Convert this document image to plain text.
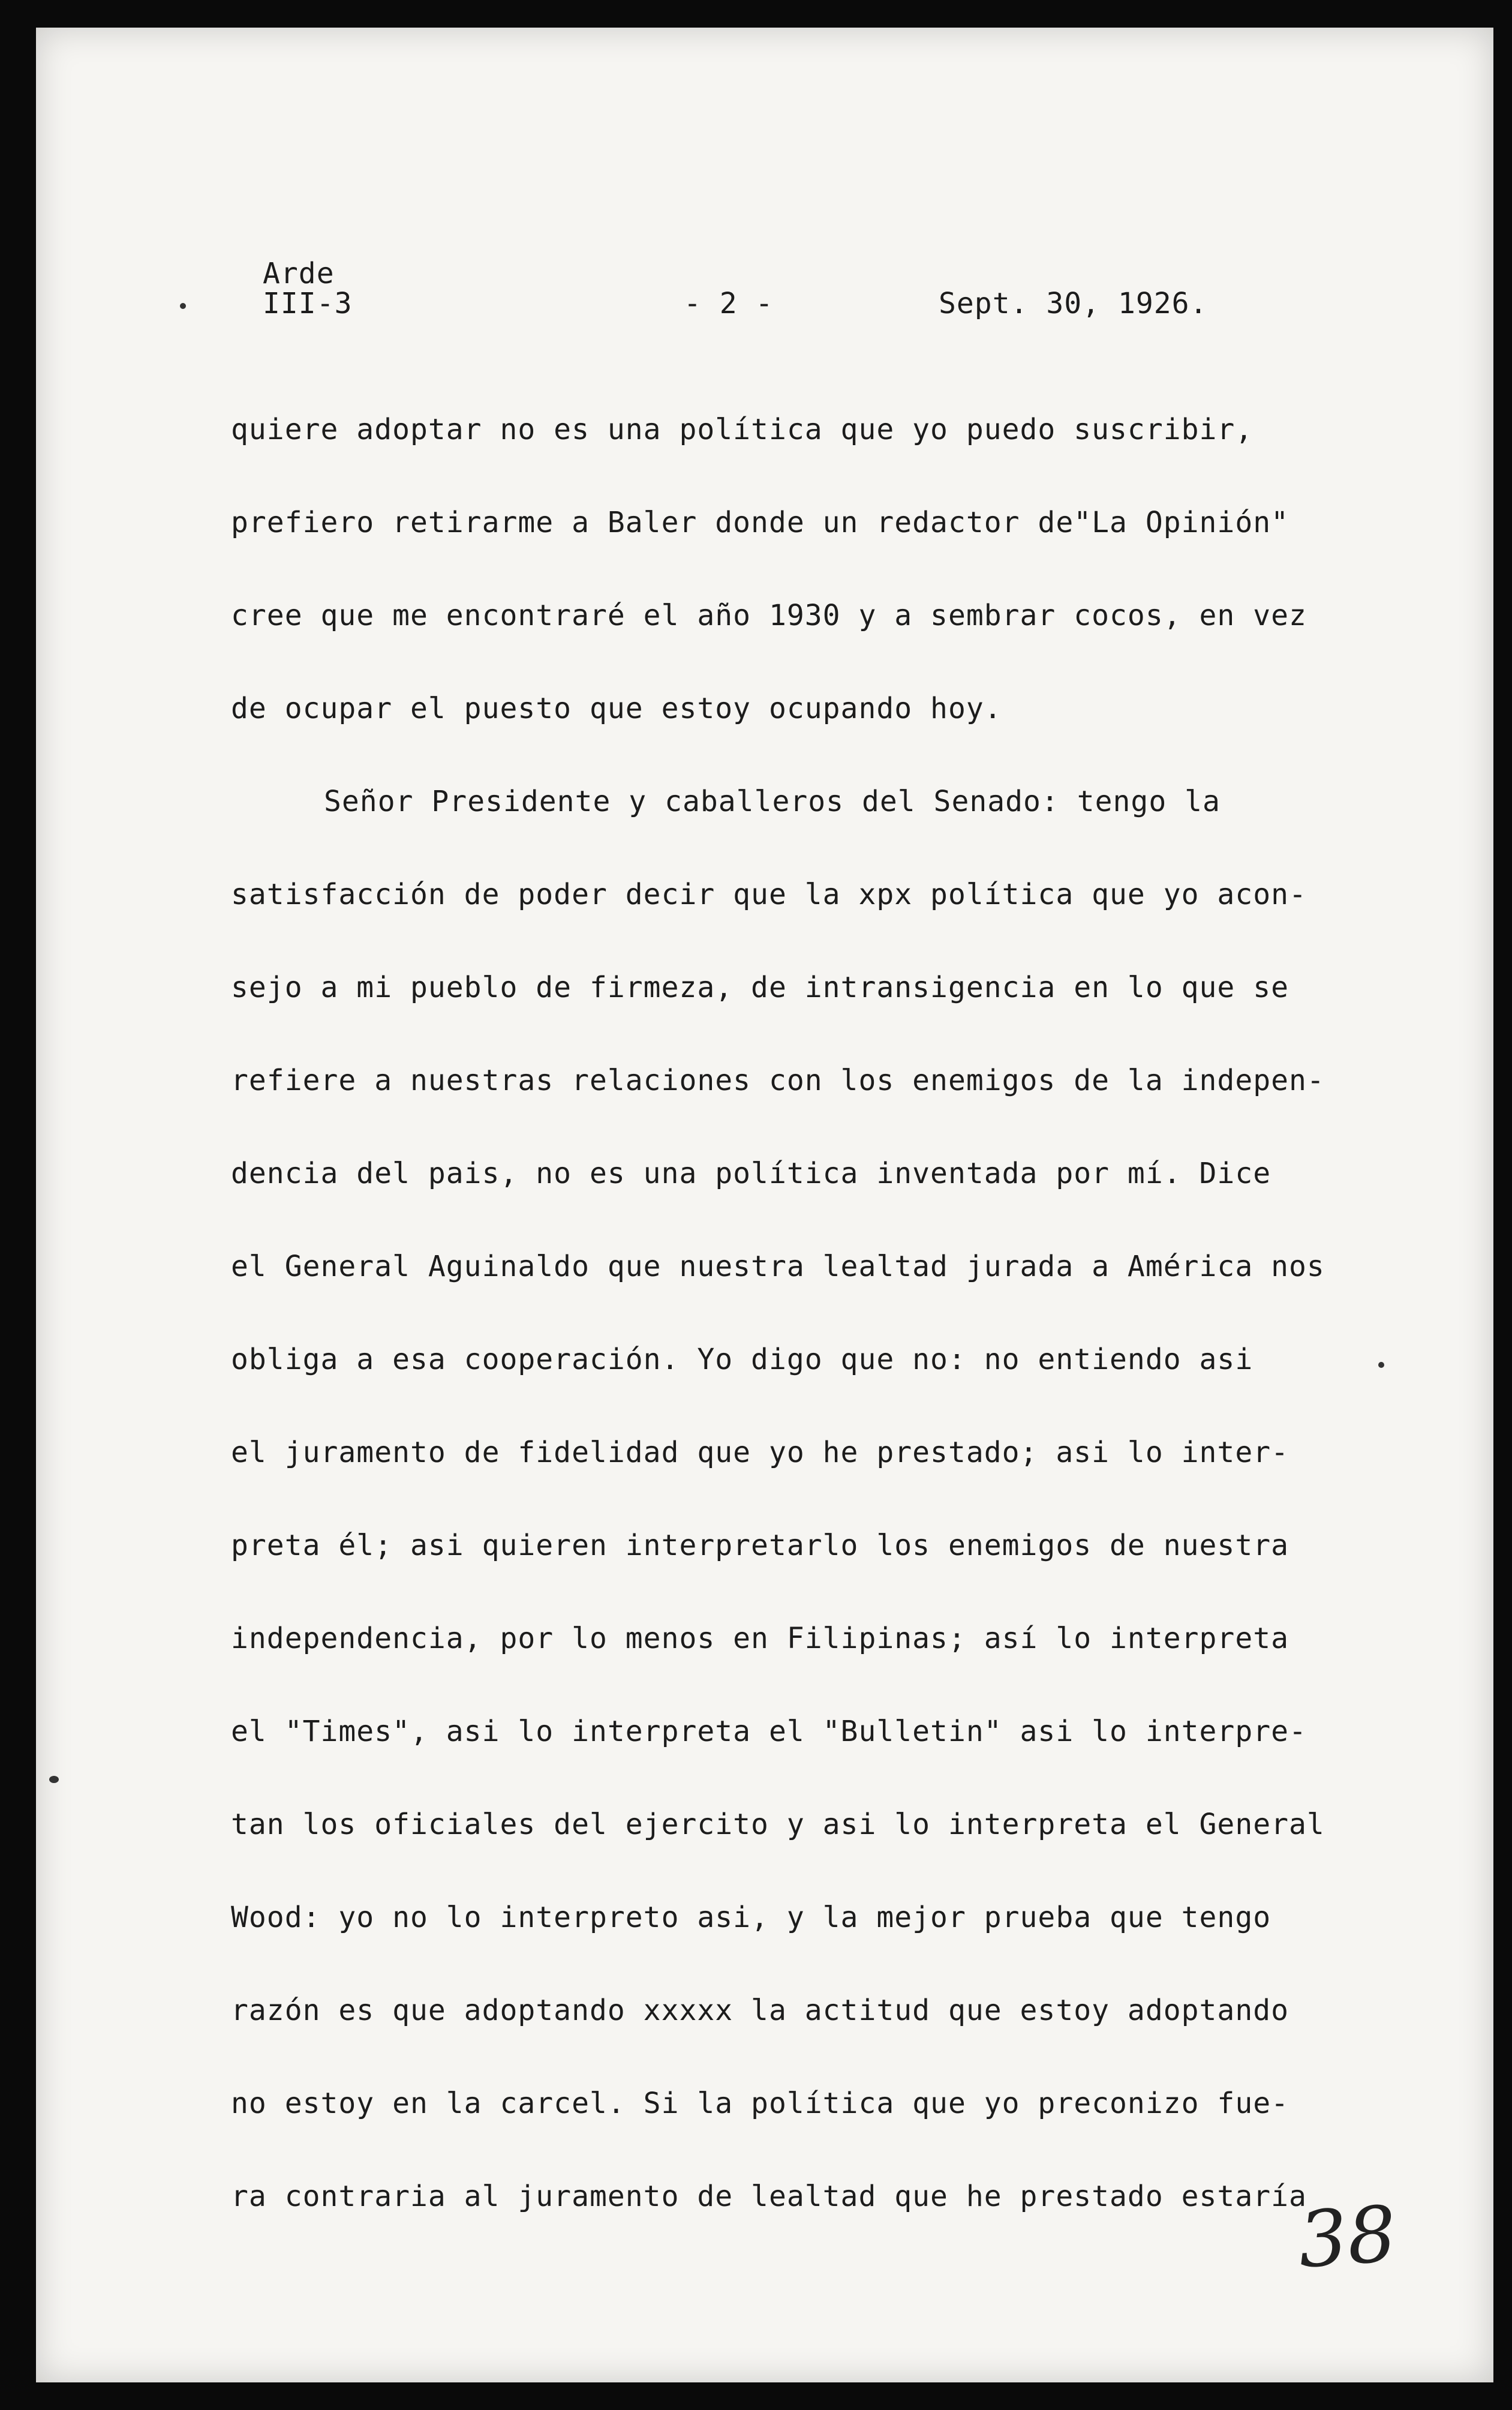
Arde
III-3	- 2 -	Sept. 30, 1926.
quiere adoptar no es una política que yo puedo suscribir,
prefiero retirarme a Baler donde un redactor de"La Opinión"
cree que me encontraré el año 1930 y a sembrar cocos, en vez
de ocupar el puesto que estoy ocupando hoy.
Señor Presidente y caballeros del Senado: tengo la
satisfacción de poder decir que la xpx política que yo acon-
sejo a mi pueblo de firmeza, de intransigencia en lo que se
refiere a nuestras relaciones con los enemigos de la indepen-
dencia del pais, no es una política inventada por mí. Dice
el General Aguinaldo que nuestra lealtad jurada a América nos
obliga a esa cooperación. Yo digo que no: no entiendo asi
el juramento de fidelidad que yo he prestado; asi lo inter-
preta él; asi quieren interpretarlo los enemigos de nuestra
independencia, por lo menos en Filipinas; así lo interpreta
el "Times", asi lo interpreta el "Bulletin" asi lo interpre-
tan los oficiales del ejercito y asi lo interpreta el General
Wood: yo no lo interpreto asi, y la mejor prueba que tengo
razón es que adoptando xxxxx la actitud que estoy adoptando
no estoy en la carcel. Si la política que yo preconizo fue-
ra contraria al juramento de lealtad que he prestado estaría
38
